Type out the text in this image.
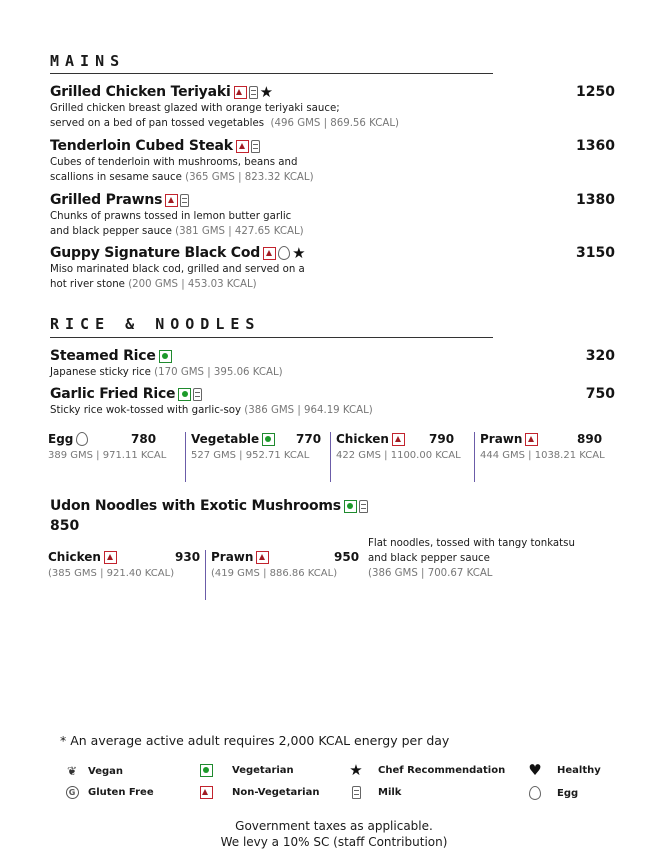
MAINS
Grilled Chicken Teriyaki ★	1250
Grilled chicken breast glazed with orange teriyaki sauce;
served on a bed of pan tossed vegetables (496 GMS | 869.56 KCAL)
Tenderloin Cubed Steak	1360
Cubes of tenderloin with mushrooms, beans and
scallions in sesame sauce (365 GMS | 823.32 KCAL)
Grilled Prawns	1380
Chunks of prawns tossed in lemon butter garlic
and black pepper sauce (381 GMS | 427.65 KCAL)
Guppy Signature Black Cod ★	3150
Miso marinated black cod, grilled and served on a
hot river stone (200 GMS | 453.03 KCAL)
RICE & NOODLES
Steamed Rice	320
Japanese sticky rice (170 GMS | 395.06 KCAL)
Garlic Fried Rice	750
Sticky rice wok-tossed with garlic-soy (386 GMS | 964.19 KCAL)
Egg	780
389 GMS | 971.11 KCAL
Vegetable	770
527 GMS | 952.71 KCAL
Chicken	790
422 GMS | 1100.00 KCAL
Prawn	890
444 GMS | 1038.21 KCAL
Udon Noodles with Exotic Mushrooms
850
Chicken	930
(385 GMS | 921.40 KCAL)
Prawn	950
(419 GMS | 886.86 KCAL)
Flat noodles, tossed with tangy tonkatsu
and black pepper sauce
(386 GMS | 700.67 KCAL
* An average active adult requires 2,000 KCAL energy per day
❦ Vegan	Vegetarian	★ Chef Recommendation ♥ Healthy
G	Gluten Free	Non-Vegetarian	Milk	Egg
Government taxes as applicable.
We levy a 10% SC (staff Contribution)
